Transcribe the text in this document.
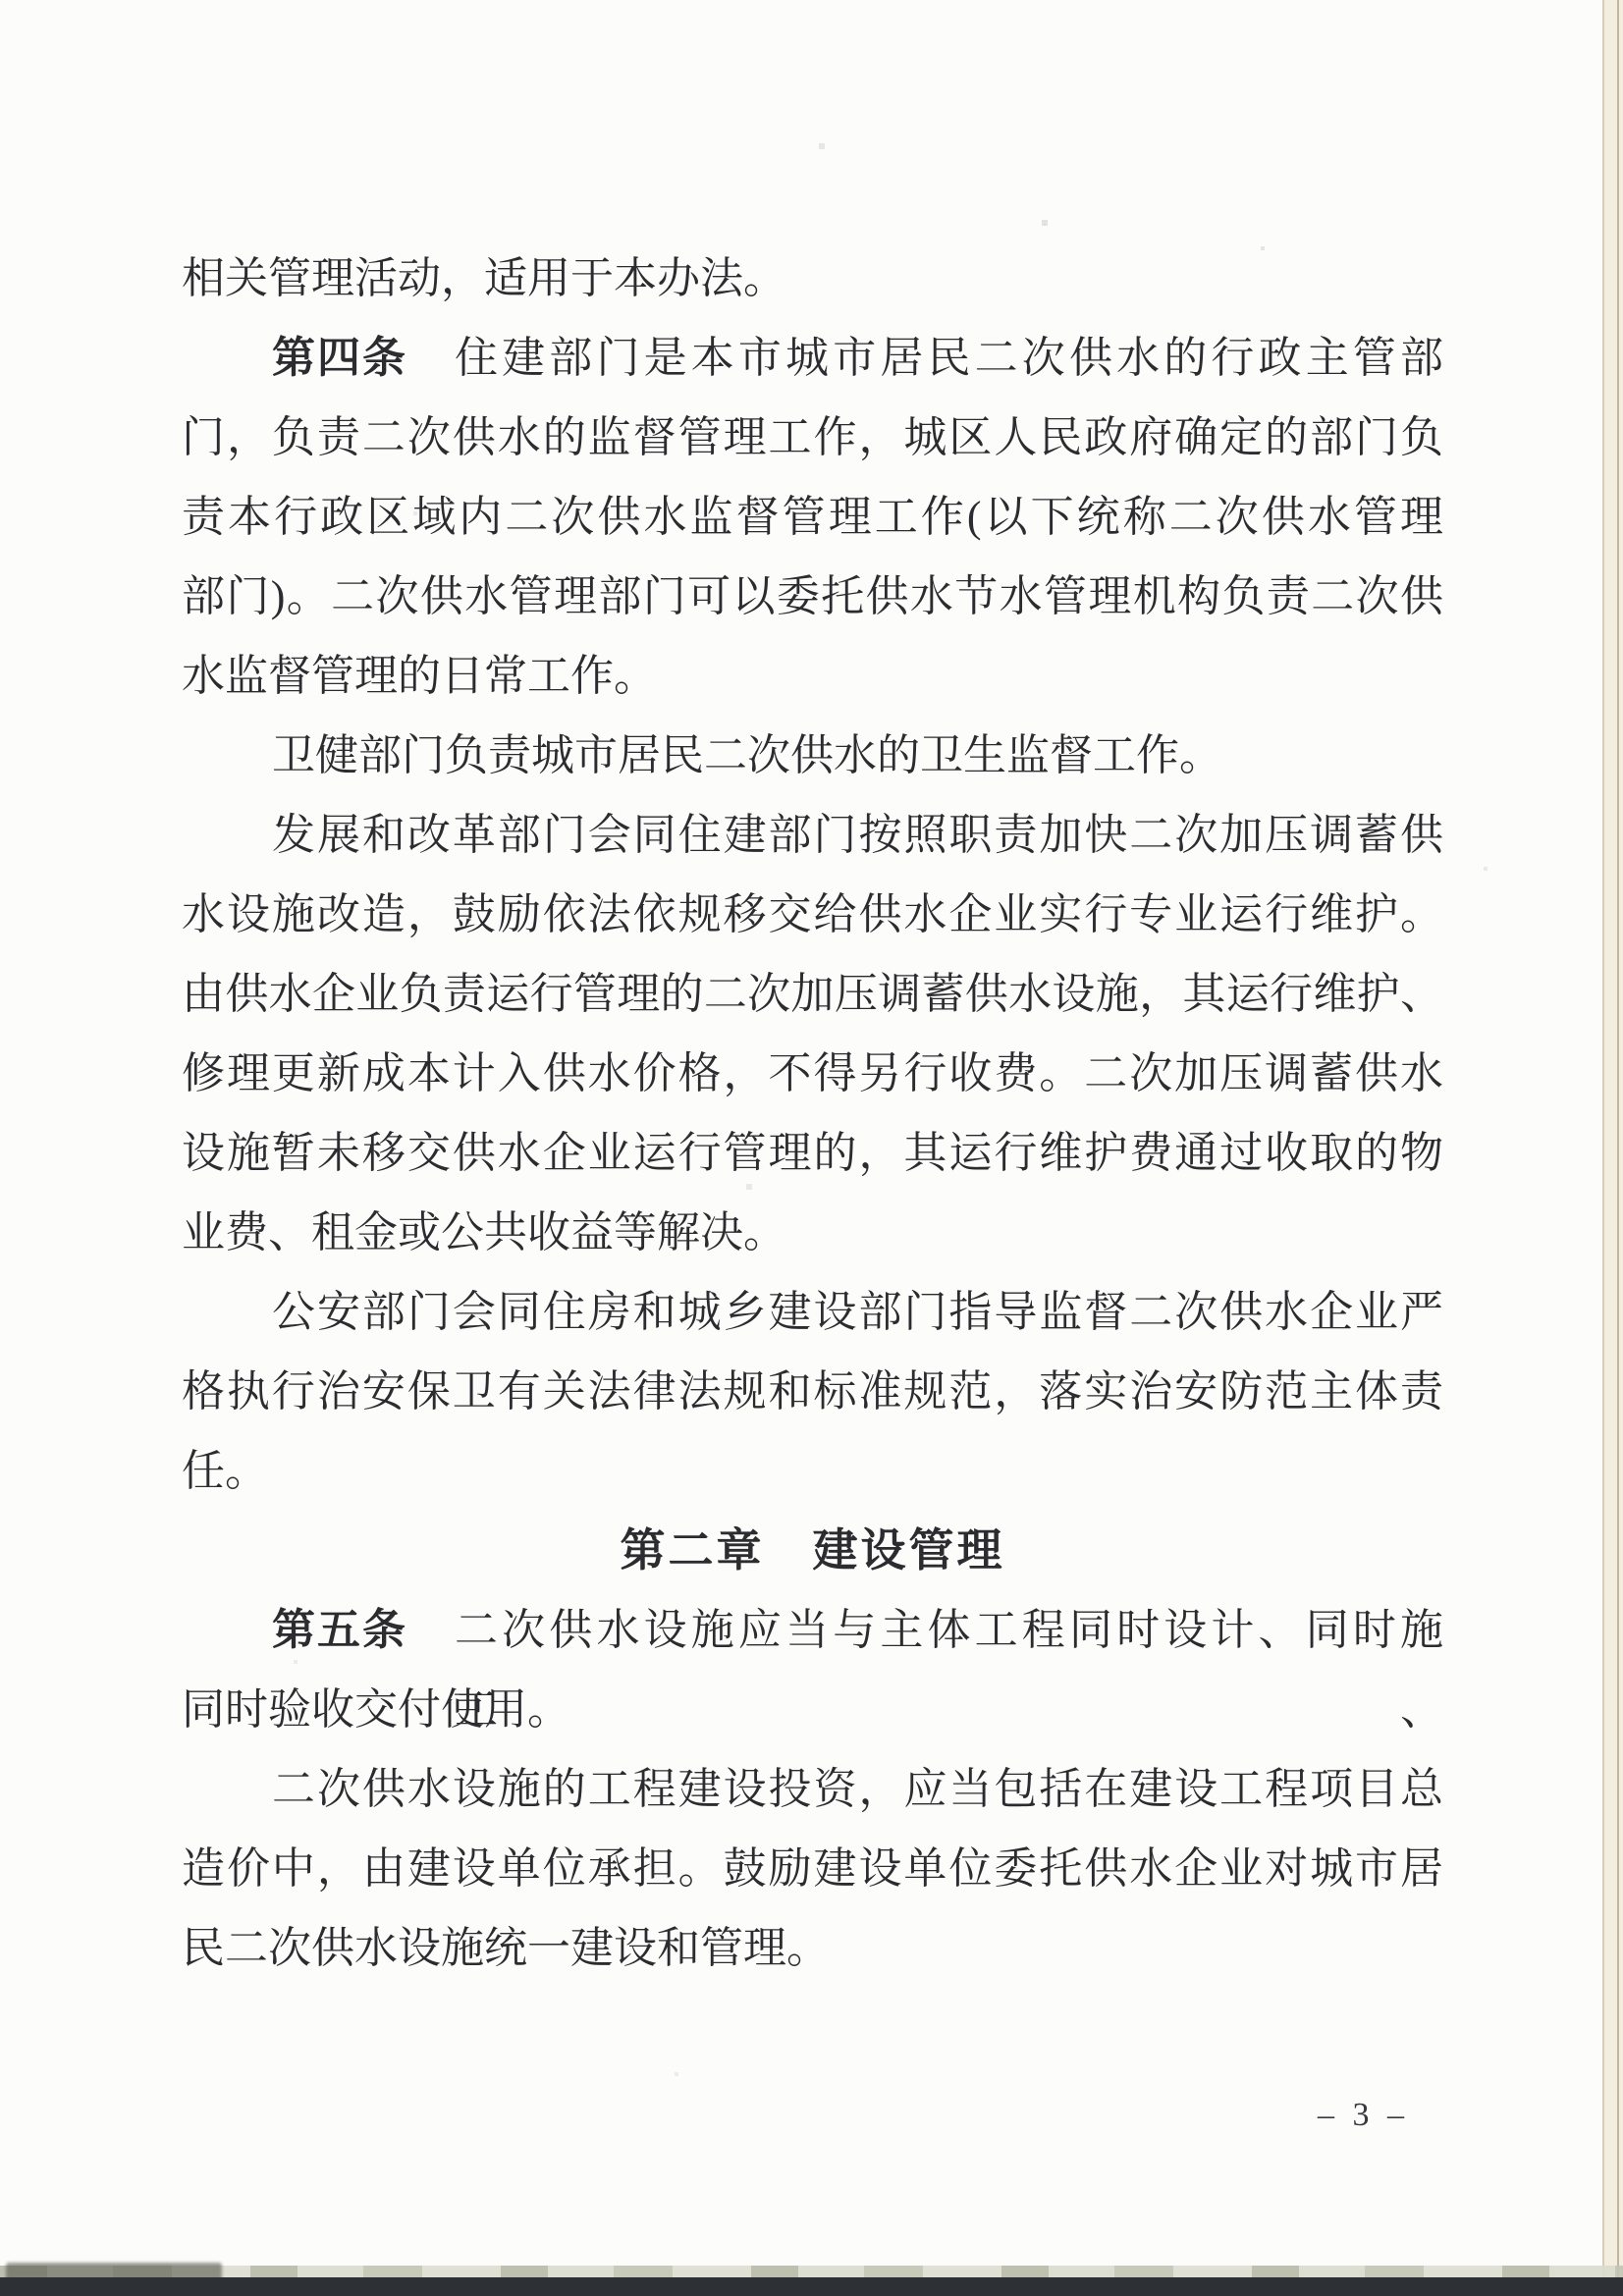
相关管理活动，适用于本办法。
第四条 住建部门是本市城市居民二次供水的行政主管部
门，负责二次供水的监督管理工作，城区人民政府确定的部门负
责本行政区域内二次供水监督管理工作(以下统称二次供水管理
部门)。二次供水管理部门可以委托供水节水管理机构负责二次供
水监督管理的日常工作。
卫健部门负责城市居民二次供水的卫生监督工作。
发展和改革部门会同住建部门按照职责加快二次加压调蓄供
水设施改造，鼓励依法依规移交给供水企业实行专业运行维护。
由供水企业负责运行管理的二次加压调蓄供水设施，其运行维护、
修理更新成本计入供水价格，不得另行收费。二次加压调蓄供水
设施暂未移交供水企业运行管理的，其运行维护费通过收取的物
业费、租金或公共收益等解决。
公安部门会同住房和城乡建设部门指导监督二次供水企业严
格执行治安保卫有关法律法规和标准规范，落实治安防范主体责
任。
第二章　建设管理
第五条 二次供水设施应当与主体工程同时设计、同时施工、
同时验收交付使用。
二次供水设施的工程建设投资，应当包括在建设工程项目总
造价中，由建设单位承担。鼓励建设单位委托供水企业对城市居
民二次供水设施统一建设和管理。
– 3 –
